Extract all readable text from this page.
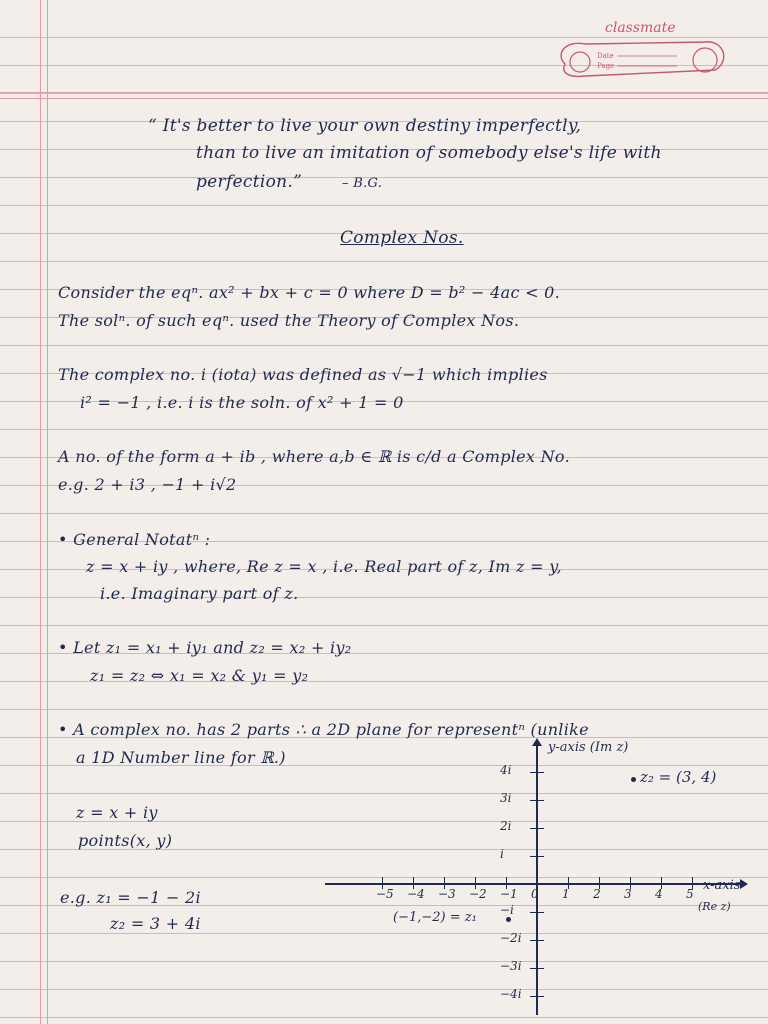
classmate
Date
Page
“ It's better to live your own destiny imperfectly,
than to live an imitation of somebody else's life with
perfection.”	– B.G.
Complex Nos.
Consider the eqⁿ. ax² + bx + c = 0 where D = b² − 4ac < 0.
The solⁿ. of such eqⁿ. used the Theory of Complex Nos.
The complex no. i (iota) was defined as √−1 which implies
i² = −1 , i.e. i is the soln. of x² + 1 = 0
A no. of the form a + ib , where a,b ∈ ℝ is c/d a Complex No.
e.g. 2 + i3 , −1 + i√2
• General Notatⁿ :
z = x + iy , where, Re z = x , i.e. Real part of z, Im z = y,
i.e. Imaginary part of z.
• Let z₁ = x₁ + iy₁ and z₂ = x₂ + iy₂
z₁ = z₂ ⇔ x₁ = x₂ & y₁ = y₂
• A complex no. has 2 parts ∴ a 2D plane for representⁿ (unlike
a 1D Number line for ℝ.)
z = x + iy
points(x, y)
e.g. z₁ = −1 − 2i
z₂ = 3 + 4i
y-axis (Im z)
x-axis
(Re z)
−5 −4 −3 −2 −1 0 1 2 3 4 5
4i
3i
2i
i
−i
−2i
−3i
−4i
z₂ = (3, 4)
(−1,−2) = z₁
